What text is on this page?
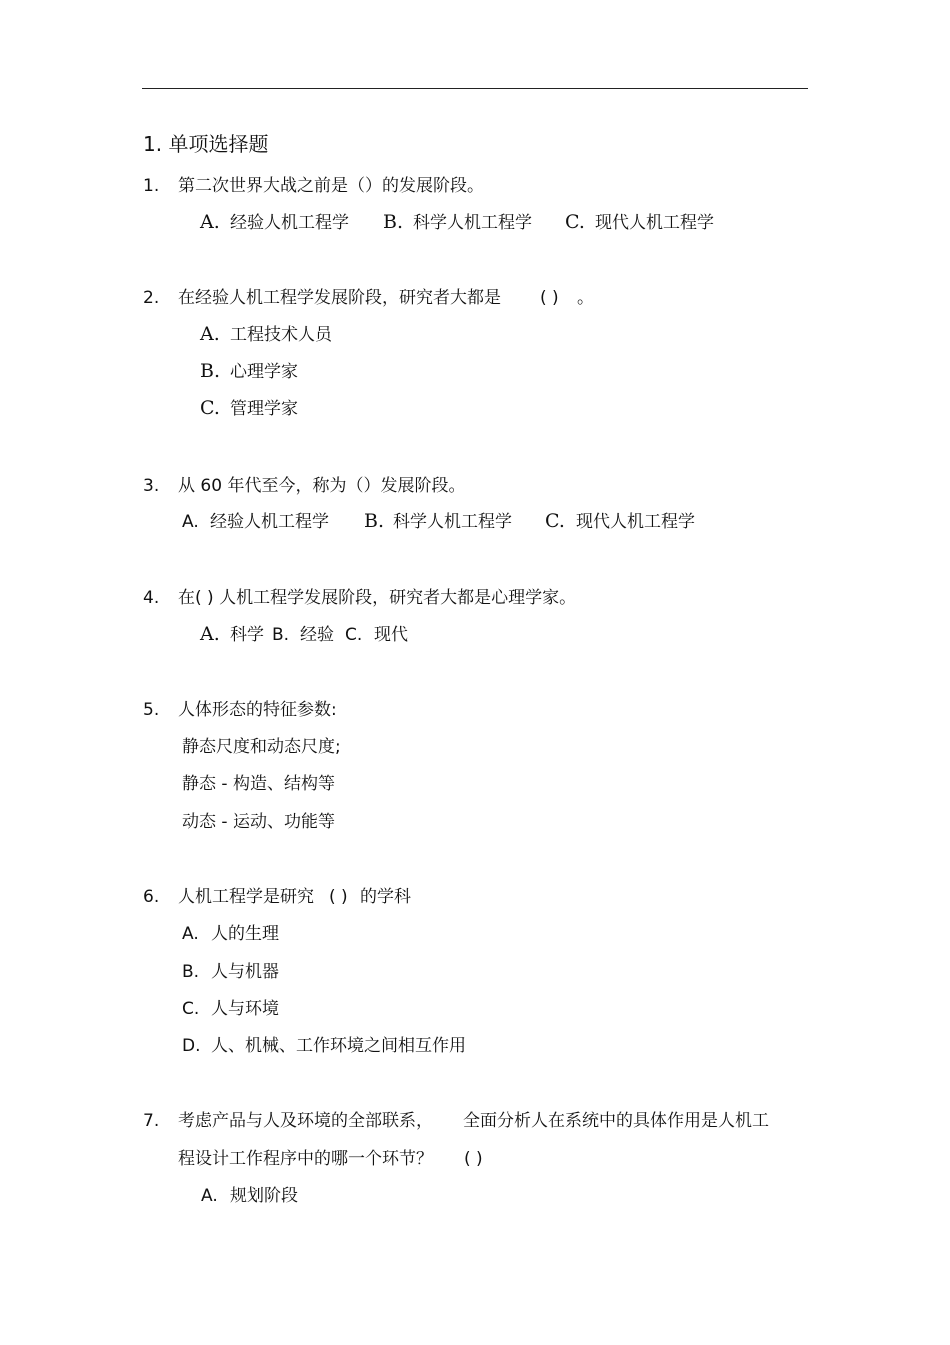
1. 单项选择题
1. 第二次世界大战之前是（）的发展阶段。
A. 经验人机工程学 B. 科学人机工程学 C. 现代人机工程学
2. 在经验人机工程学发展阶段，研究者大都是 ( ) 。
A. 工程技术人员
B. 心理学家
C. 管理学家
3. 从 60 年代至今，称为（）发展阶段。
A. 经验人机工程学 B. 科学人机工程学 C. 现代人机工程学
4. 在( ) 人机工程学发展阶段，研究者大都是心理学家。
A. 科学 B. 经验 C. 现代
5. 人体形态的特征参数:
静态尺度和动态尺度;
静态 - 构造、结构等
动态 - 运动、功能等
6. 人机工程学是研究 ( ) 的学科
A. 人的生理
B. 人与机器
C. 人与环境
D. 人、机械、工作环境之间相互作用
7. 考虑产品与人及环境的全部联系， 全面分析人在系统中的具体作用是人机工
程设计工作程序中的哪一个环节？ ( )
A. 规划阶段
